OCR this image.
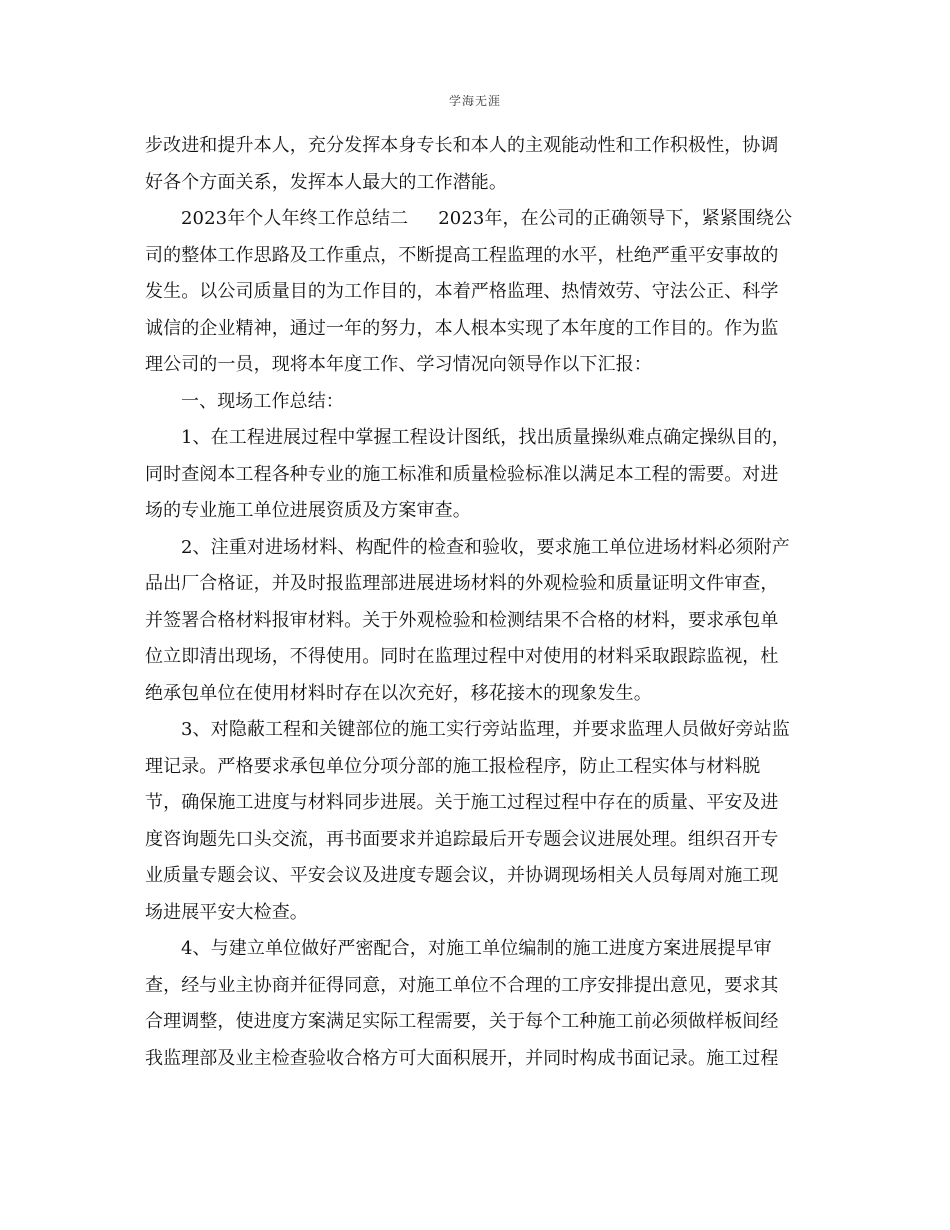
学海无涯
步改进和提升本人，充分发挥本身专长和本人的主观能动性和工作积极性，协调
好各个方面关系，发挥本人最大的工作潜能。
2023年个人年终工作总结二 2023年，在公司的正确领导下，紧紧围绕公
司的整体工作思路及工作重点，不断提高工程监理的水平，杜绝严重平安事故的
发生。以公司质量目的为工作目的，本着严格监理、热情效劳、守法公正、科学
诚信的企业精神，通过一年的努力，本人根本实现了本年度的工作目的。作为监
理公司的一员，现将本年度工作、学习情况向领导作以下汇报：
一、现场工作总结：
1、在工程进展过程中掌握工程设计图纸，找出质量操纵难点确定操纵目的，
同时查阅本工程各种专业的施工标准和质量检验标准以满足本工程的需要。对进
场的专业施工单位进展资质及方案审查。
2、注重对进场材料、构配件的检查和验收，要求施工单位进场材料必须附产
品出厂合格证，并及时报监理部进展进场材料的外观检验和质量证明文件审查，
并签署合格材料报审材料。关于外观检验和检测结果不合格的材料，要求承包单
位立即清出现场，不得使用。同时在监理过程中对使用的材料采取跟踪监视，杜
绝承包单位在使用材料时存在以次充好，移花接木的现象发生。
3、对隐蔽工程和关键部位的施工实行旁站监理，并要求监理人员做好旁站监
理记录。严格要求承包单位分项分部的施工报检程序，防止工程实体与材料脱
节，确保施工进度与材料同步进展。关于施工过程过程中存在的质量、平安及进
度咨询题先口头交流，再书面要求并追踪最后开专题会议进展处理。组织召开专
业质量专题会议、平安会议及进度专题会议，并协调现场相关人员每周对施工现
场进展平安大检查。
4、与建立单位做好严密配合，对施工单位编制的施工进度方案进展提早审
查，经与业主协商并征得同意，对施工单位不合理的工序安排提出意见，要求其
合理调整，使进度方案满足实际工程需要，关于每个工种施工前必须做样板间经
我监理部及业主检查验收合格方可大面积展开，并同时构成书面记录。施工过程
